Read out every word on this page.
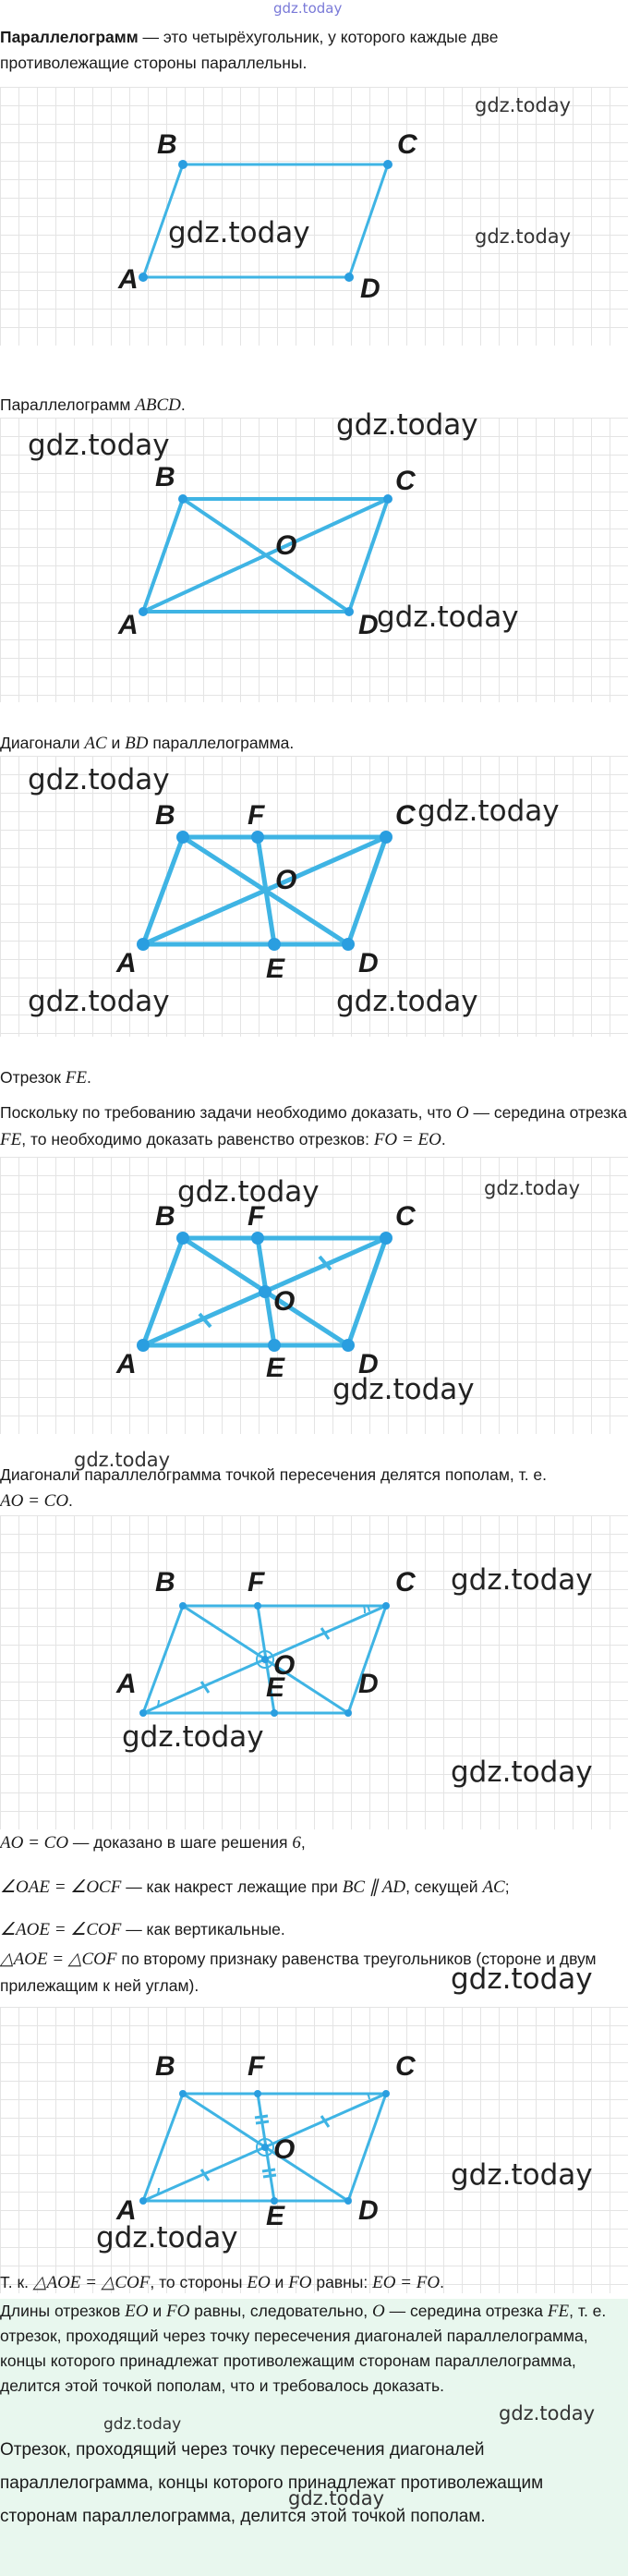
gdz.today

Параллелограмм — это четырёхугольник, у которого каждые две противолежащие стороны параллельны.

A
B	C
D
gdz.today
gdz.today	gdz.today

Параллелограмм ABCD.

A
B	C
D
O
gdz.today
gdz.today
gdz.today

Диагонали AC и BD параллелограмма.

A
B	F	C
O
E	D
gdz.today
gdz.today
gdz.today	gdz.today

Отрезок FE.

Поскольку по требованию задачи необходимо доказать, что O — середина отрезка FE, то необходимо доказать равенство отрезков: FO = EO.

A
B	F	C
O
E	D
gdz.today	gdz.today
gdz.today

Диагонали параллелограмма точкой пересечения делятся пополам, т. е.
AO = CO.

gdz.today
A
B	F	C
O
E	D
gdz.today
gdz.today
gdz.today

AO = CO — доказано в шаге решения 6,

∠OAE = ∠OCF — как накрест лежащие при BC ∥ AD, секущей AC;

∠AOE = ∠COF — как вертикальные.

△AOE = △COF по второму признаку равенства треугольников (стороне и двум прилежащим к ней углам).	gdz.today
A
B	F	C
O
E	D
gdz.today
gdz.today

Т. к. △AOE = △COF, то стороны EO и FO равны: EO = FO.

Длины отрезков EO и FO равны, следовательно, O — середина отрезка FE, т. е. отрезок, проходящий через точку пересечения диагоналей параллелограмма, концы которого принадлежат противолежащим сторонам параллелограмма, делится этой точкой пополам, что и требовалось доказать.
Отрезок, проходящий через точку пересечения диагоналей параллелограмма, концы которого принадлежат противолежащим сторонам параллелограмма, делится этой точкой пополам.
gdz.today	gdz.today
gdz.today
